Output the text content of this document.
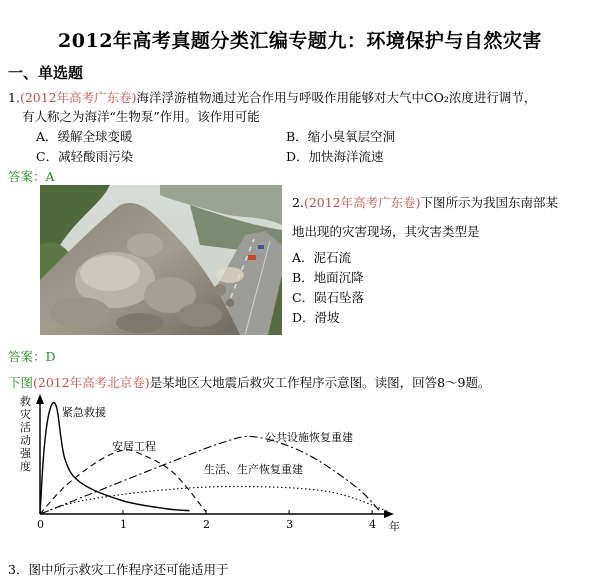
2012年高考真题分类汇编专题九：环境保护与自然灾害
一、单选题
1.(2012年高考广东卷)海洋浮游植物通过光合作用与呼吸作用能够对大气中CO₂浓度进行调节，
有人称之为海洋“生物泵”作用。该作用可能
A．缓解全球变暖	B．缩小臭氧层空洞
C．减轻酸雨污染	D．加快海洋流速
答案：A
2.(2012年高考广东卷)下图所示为我国东南部某
地出现的灾害现场，其灾害类型是
A．泥石流
B．地面沉降
C．陨石坠落
D．滑坡
答案：D
下图(2012年高考北京卷)是某地区大地震后救灾工作程序示意图。读图，回答8～9题。
救
灾
活
动
强
度
年
0	1	2	3	4
紧急救援
安居工程
公共设施恢复重建
生活、生产恢复重建
3．图中所示救灾工作程序还可能适用于
